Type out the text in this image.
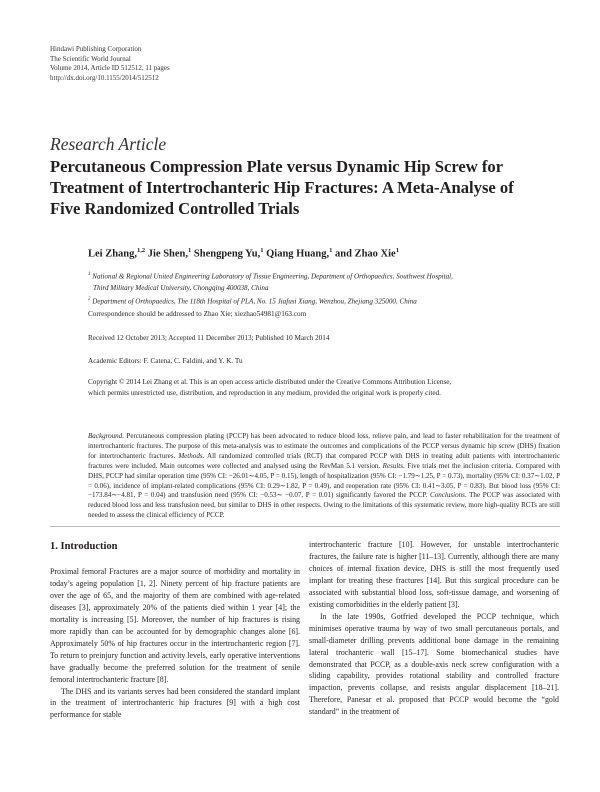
Hindawi Publishing Corporation
The Scientific World Journal
Volume 2014, Article ID 512512, 11 pages
http://dx.doi.org/10.1155/2014/512512
Research Article
Percutaneous Compression Plate versus Dynamic Hip Screw for
Treatment of Intertrochanteric Hip Fractures: A Meta-Analyse of
Five Randomized Controlled Trials
Lei Zhang,$^{1,2}$ Jie Shen,$^1$ Shengpeng Yu,$^1$ Qiang Huang,$^1$ and Zhao Xie$^1$
$^1$ National & Regional United Engineering Laboratory of Tissue Engineering, Department of Orthopaedics, Southwest Hospital,
Third Military Medical University, Chongqing 400038, China
$^2$ Department of Orthopaedics, The 118th Hospital of PLA, No. 15 Jiafusi Xiang, Wenzhou, Zhejiang 325000, China
Correspondence should be addressed to Zhao Xie; xiezhao54981@163.com
Received 12 October 2013; Accepted 11 December 2013; Published 10 March 2014
Academic Editors: F. Catena, C. Faldini, and Y. K. Tu
Copyright © 2014 Lei Zhang et al. This is an open access article distributed under the Creative Commons Attribution License,
which permits unrestricted use, distribution, and reproduction in any medium, provided the original work is properly cited.

Background. Percutaneous compression plating (PCCP) has been advocated to reduce blood loss, relieve pain, and lead to faster rehabilitation for the treatment of intertrochanteric fractures. The purpose of this meta-analysis was to estimate the outcomes and complications of the PCCP versus dynamic hip screw (DHS) fixation for intertrochanteric fractures. Methods. All randomized controlled trials (RCT) that compared PCCP with DHS in treating adult patients with intertrochanteric fractures were included. Main outcomes were collected and analysed using the RevMan 5.1 version. Results. Five trials met the inclusion criteria. Compared with DHS, PCCP had similar operation time (95% CI: −26.01∼4.05, P = 0.15), length of hospitalization (95% CI: −1.79∼1.25, P = 0.73), mortality (95% CI: 0.37∼1.02, P = 0.06), incidence of implant-related complications (95% CI: 0.29∼1.82, P = 0.49), and reoperation rate (95% CI: 0.41∼3.05, P = 0.83). But blood loss (95% CI: −173.84∼−4.81, P = 0.04) and transfusion need (95% CI: −0.53∼ −0.07, P = 0.01) significantly favored the PCCP. Conclusions. The PCCP was associated with reduced blood loss and less transfusion need, but similar to DHS in other respects. Owing to the limitations of this systematic review, more high-quality RCTs are still needed to assess the clinical efficiency of PCCP.

1. Introduction

Proximal femoral Fractures are a major source of morbidity and mortality in today’s ageing population [1, 2]. Ninety percent of hip fracture patients are over the age of 65, and the majority of them are combined with age-related diseases [3], approximately 20% of the patients died within 1 year [4]; the mortality is increasing [5]. Moreover, the number of hip fractures is rising more rapidly than can be accounted for by demographic changes alone [6]. Approximately 50% of hip fractures occur in the intertrochanteric region [7]. To return to preinjury function and activity levels, early operative interventions have gradually become the preferred solution for the treatment of senile femoral intertrochanteric fracture [8].

The DHS and its variants serves had been considered the standard implant in the treatment of intertrochanteric hip fractures [9] with a high cost performance for stable

intertrochanteric fracture [10]. However, for unstable intertrochanteric fractures, the failure rate is higher [11–13]. Currently, although there are many choices of internal fixation device, DHS is still the most frequently used implant for treating these fractures [14]. But this surgical procedure can be associated with substantial blood loss, soft-tissue damage, and worsening of existing comorbidities in the elderly patient [3].

In the late 1990s, Gotfried developed the PCCP technique, which minimises operative trauma by way of two small percutaneous portals, and small-diameter drilling prevents additional bone damage in the remaining lateral trochanteric wall [15–17]. Some biomechanical studies have demonstrated that PCCP, as a double-axis neck screw configuration with a sliding capability, provides rotational stability and controlled fracture impaction, prevents collapse, and resists angular displacement [18–21]. Therefore, Panesar et al. proposed that PCCP would become the “gold standard” in the treatment of
